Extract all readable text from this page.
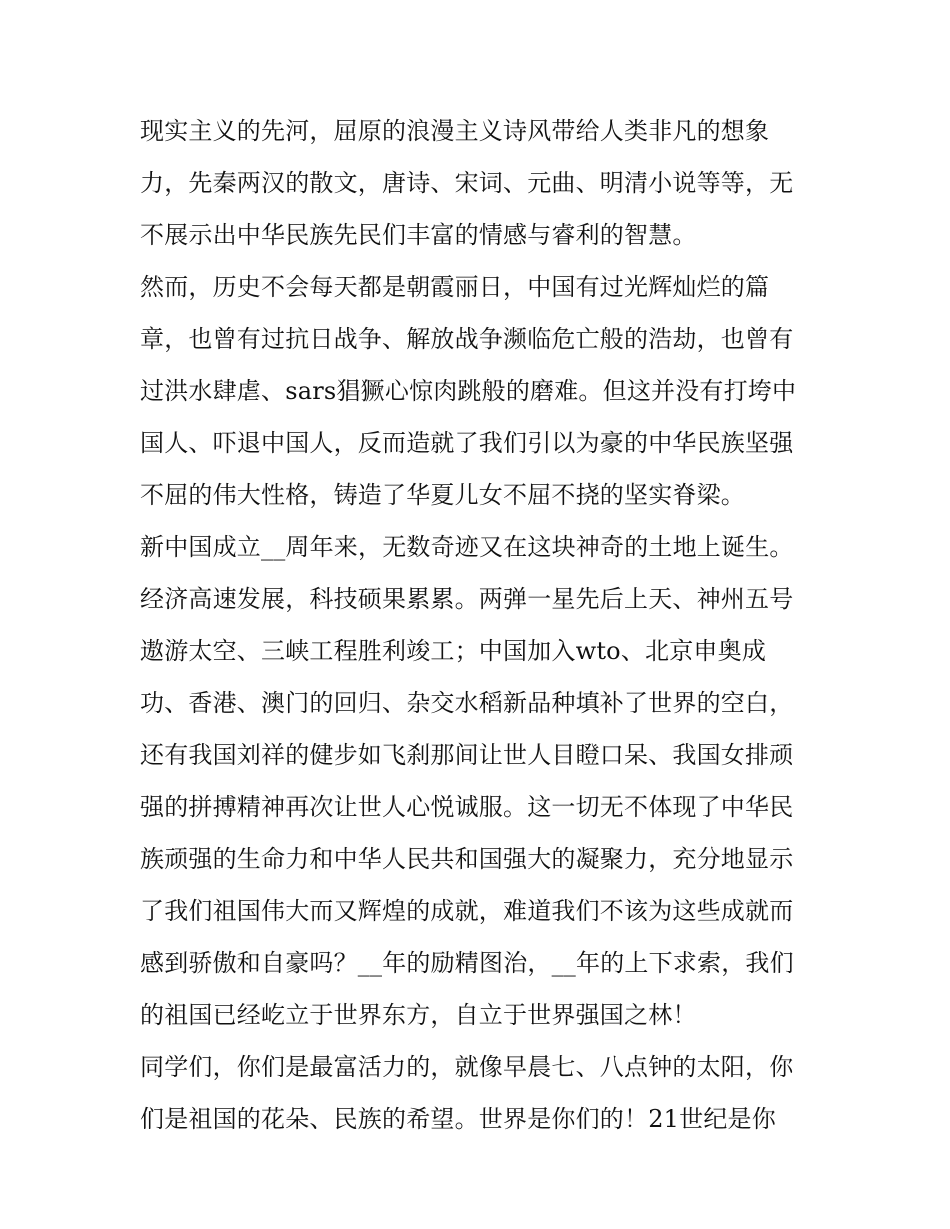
现实主义的先河，屈原的浪漫主义诗风带给人类非凡的想象
力，先秦两汉的散文，唐诗、宋词、元曲、明清小说等等，无
不展示出中华民族先民们丰富的情感与睿利的智慧。
然而，历史不会每天都是朝霞丽日，中国有过光辉灿烂的篇
章，也曾有过抗日战争、解放战争濒临危亡般的浩劫，也曾有
过洪水肆虐、sars猖獗心惊肉跳般的磨难。但这并没有打垮中
国人、吓退中国人，反而造就了我们引以为豪的中华民族坚强
不屈的伟大性格，铸造了华夏儿女不屈不挠的坚实脊梁。
新中国成立__周年来，无数奇迹又在这块神奇的土地上诞生。
经济高速发展，科技硕果累累。两弹一星先后上天、神州五号
遨游太空、三峡工程胜利竣工；中国加入wto、北京申奥成
功、香港、澳门的回归、杂交水稻新品种填补了世界的空白，
还有我国刘祥的健步如飞刹那间让世人目瞪口呆、我国女排顽
强的拼搏精神再次让世人心悦诚服。这一切无不体现了中华民
族顽强的生命力和中华人民共和国强大的凝聚力，充分地显示
了我们祖国伟大而又辉煌的成就，难道我们不该为这些成就而
感到骄傲和自豪吗？__年的励精图治，__年的上下求索，我们
的祖国已经屹立于世界东方，自立于世界强国之林！
同学们，你们是最富活力的，就像早晨七、八点钟的太阳，你
们是祖国的花朵、民族的希望。世界是你们的！21世纪是你
